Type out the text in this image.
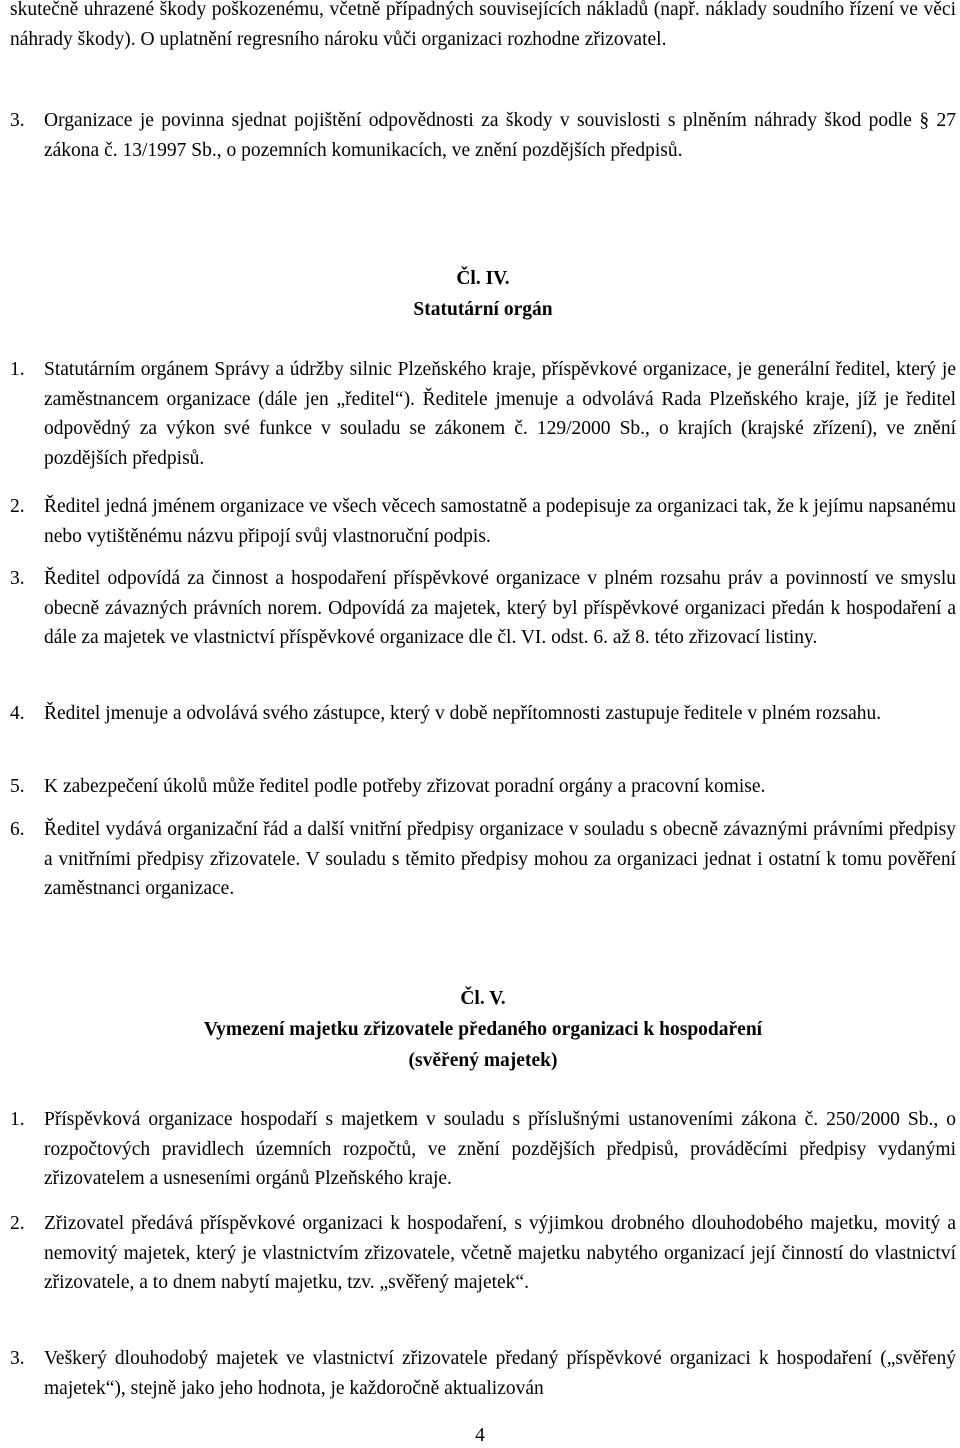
skutečně uhrazené škody poškozenému, včetně případných souvisejících nákladů (např. náklady soudního řízení ve věci náhrady škody). O uplatnění regresního nároku vůči organizaci rozhodne zřizovatel.

3. Organizace je povinna sjednat pojištění odpovědnosti za škody v souvislosti s plněním náhrady škod podle § 27 zákona č. 13/1997 Sb., o pozemních komunikacích, ve znění pozdějších předpisů.

Čl. IV.

Statutární orgán

1. Statutárním orgánem Správy a údržby silnic Plzeňského kraje, příspěvkové organizace, je generální ředitel, který je zaměstnancem organizace (dále jen „ředitel“). Ředitele jmenuje a odvolává Rada Plzeňského kraje, jíž je ředitel odpovědný za výkon své funkce v souladu se zákonem č. 129/2000 Sb., o krajích (krajské zřízení), ve znění pozdějších předpisů.

2. Ředitel jedná jménem organizace ve všech věcech samostatně a podepisuje za organizaci tak, že k jejímu napsanému nebo vytištěnému názvu připojí svůj vlastnoruční podpis.

3. Ředitel odpovídá za činnost a hospodaření příspěvkové organizace v plném rozsahu práv a povinností ve smyslu obecně závazných právních norem. Odpovídá za majetek, který byl příspěvkové organizaci předán k hospodaření a dále za majetek ve vlastnictví příspěvkové organizace dle čl. VI. odst. 6. až 8. této zřizovací listiny.

4. Ředitel jmenuje a odvolává svého zástupce, který v době nepřítomnosti zastupuje ředitele v plném rozsahu.

5. K zabezpečení úkolů může ředitel podle potřeby zřizovat poradní orgány a pracovní komise.

6. Ředitel vydává organizační řád a další vnitřní předpisy organizace v souladu s obecně závaznými právními předpisy a vnitřními předpisy zřizovatele. V souladu s těmito předpisy mohou za organizaci jednat i ostatní k tomu pověření zaměstnanci organizace.

Čl. V.

Vymezení majetku zřizovatele předaného organizaci k hospodaření

(svěřený majetek)

1. Příspěvková organizace hospodaří s majetkem v souladu s příslušnými ustanoveními zákona č. 250/2000 Sb., o rozpočtových pravidlech územních rozpočtů, ve znění pozdějších předpisů, prováděcími předpisy vydanými zřizovatelem a usneseními orgánů Plzeňského kraje.

2. Zřizovatel předává příspěvkové organizaci k hospodaření, s výjimkou drobného dlouhodobého majetku, movitý a nemovitý majetek, který je vlastnictvím zřizovatele, včetně majetku nabytého organizací její činností do vlastnictví zřizovatele, a to dnem nabytí majetku, tzv. „svěřený majetek“.

3. Veškerý dlouhodobý majetek ve vlastnictví zřizovatele předaný příspěvkové organizaci k hospodaření („svěřený majetek“), stejně jako jeho hodnota, je každoročně aktualizován

4
